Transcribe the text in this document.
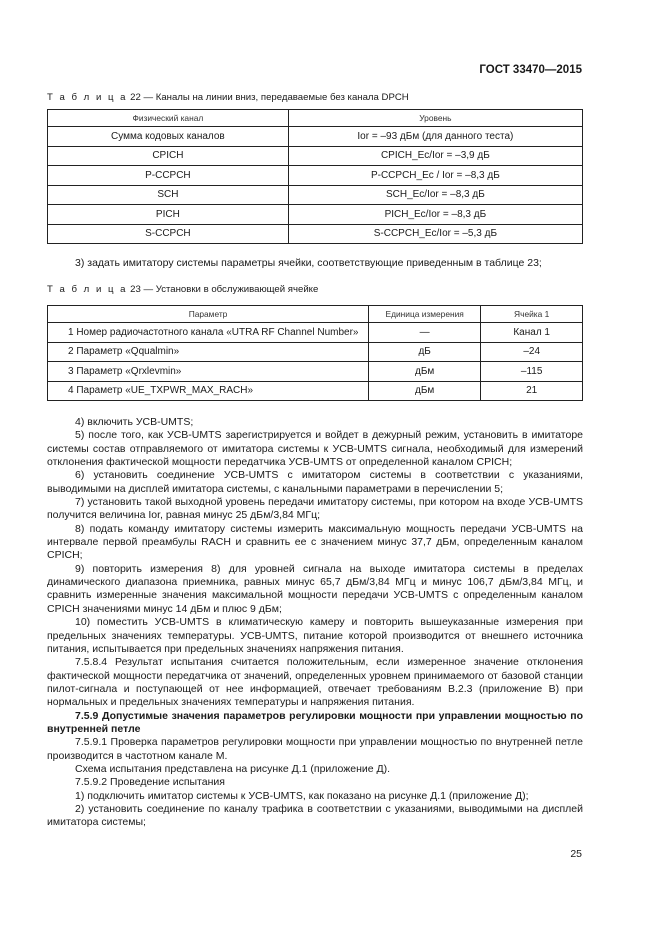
ГОСТ 33470—2015
Т а б л и ц а 22 — Каналы на линии вниз, передаваемые без канала DPCH
Физический канал	Уровень
Сумма кодовых каналов	Ior = –93 дБм (для данного теста)
CPICH	CPICH_Ec/Ior = –3,9 дБ
P-CCPCH	P-CCPCH_Ec / Ior = –8,3 дБ
SCH	SCH_Ec/Ior = –8,3 дБ
PICH	PICH_Ec/Ior = –8,3 дБ
S-CCPCH	S-CCPCH_Ec/Ior = –5,3 дБ
3) задать имитатору системы параметры ячейки, соответствующие приведенным в таблице 23;
Т а б л и ц а 23 — Установки в обслуживающей ячейке
Параметр	Единица измерения	Ячейка 1
1 Номер радиочастотного канала «UTRA RF Channel Number»	—	Канал 1
2 Параметр «Qqualmin»	дБ	–24
3 Параметр «Qrxlevmin»	дБм	–115
4 Параметр «UE_TXPWR_MAX_RACH»	дБм	21

4) включить УСВ-UMTS;

5) после того, как УСВ-UMTS зарегистрируется и войдет в дежурный режим, установить в имитаторе системы состав отправляемого от имитатора системы к УСВ-UMTS сигнала, необходимый для измерений отклонения фактической мощности передатчика УСВ-UMTS от определенной каналом CPICH;

6) установить соединение УСВ-UMTS с имитатором системы в соответствии с указаниями, выводимыми на дисплей имитатора системы, с канальными параметрами в перечислении 5;

7) установить такой выходной уровень передачи имитатору системы, при котором на входе УСВ-UMTS получится величина Ior, равная минус 25 дБм/3,84 МГц;

8) подать команду имитатору системы измерить максимальную мощность передачи УСВ-UMTS на интервале первой преамбулы RACH и сравнить ее с значением минус 37,7 дБм, определенным каналом CPICH;

9) повторить измерения 8) для уровней сигнала на выходе имитатора системы в пределах динамического диапазона приемника, равных минус 65,7 дБм/3,84 МГц и минус 106,7 дБм/3,84 МГц, и сравнить измеренные значения максимальной мощности передачи УСВ-UMTS с определенным каналом CPICH значениями минус 14 дБм и плюс 9 дБм;

10) поместить УСВ-UMTS в климатическую камеру и повторить вышеуказанные измерения при предельных значениях температуры. УСВ-UMTS, питание которой производится от внешнего источника питания, испытывается при предельных значениях напряжения питания.

7.5.8.4 Результат испытания считается положительным, если измеренное значение отклонения фактической мощности передатчика от значений, определенных уровнем принимаемого от базовой станции пилот-сигнала и поступающей от нее информацией, отвечает требованиям В.2.3 (приложение В) при нормальных и предельных значениях температуры и напряжения питания.

7.5.9 Допустимые значения параметров регулировки мощности при управлении мощностью по внутренней петле

7.5.9.1 Проверка параметров регулировки мощности при управлении мощностью по внутренней петле производится в частотном канале М.

Схема испытания представлена на рисунке Д.1 (приложение Д).

7.5.9.2 Проведение испытания

1) подключить имитатор системы к УСВ-UMTS, как показано на рисунке Д.1 (приложение Д);

2) установить соединение по каналу трафика в соответствии с указаниями, выводимыми на дисплей имитатора системы;

25
